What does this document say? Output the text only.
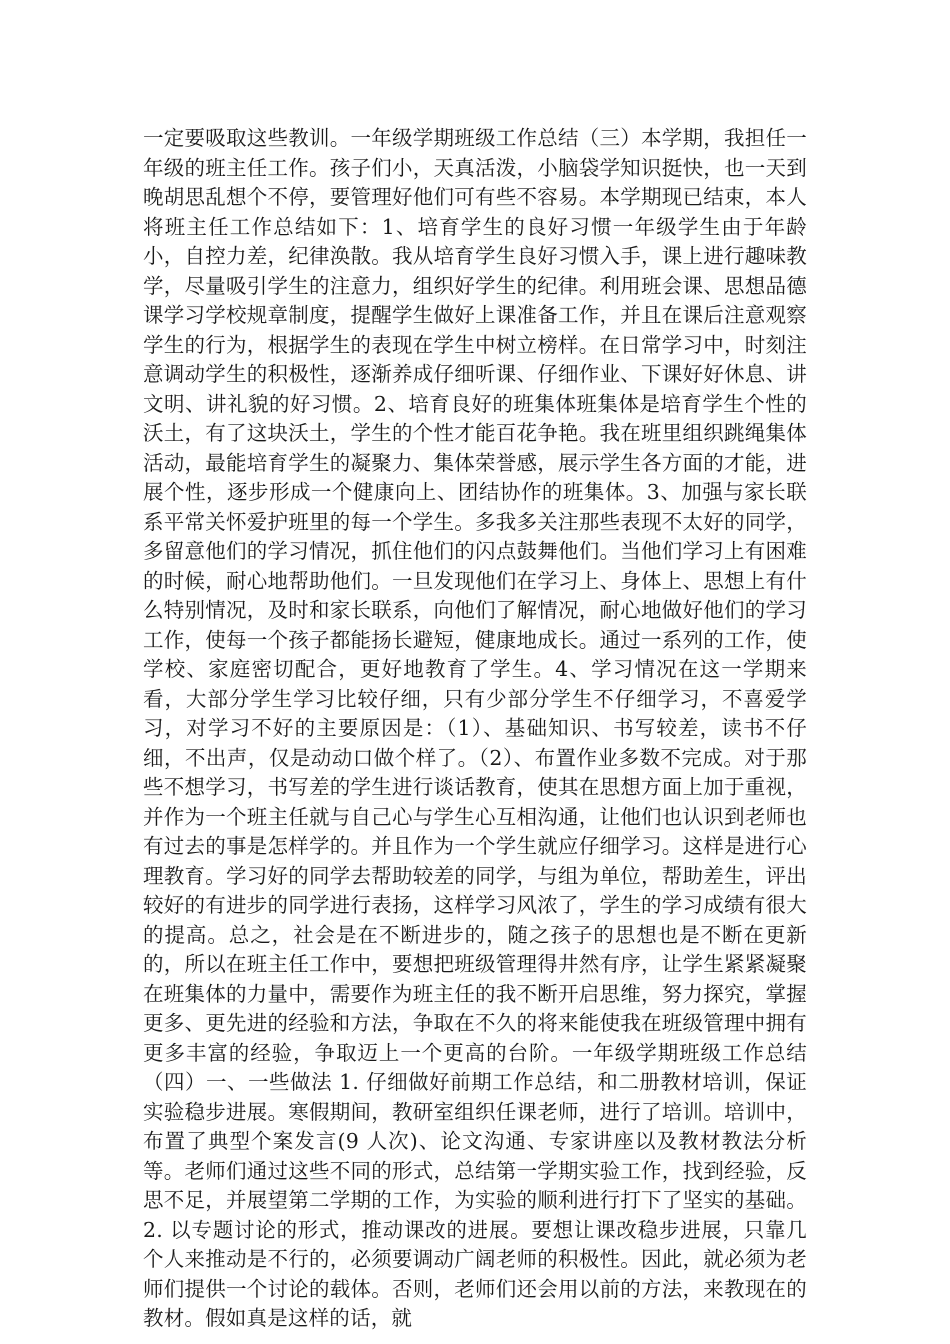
一定要吸取这些教训。一年级学期班级工作总结（三）本学期，我担任一年级的班主任工作。孩子们小，天真活泼，小脑袋学知识挺快，也一天到晚胡思乱想个不停，要管理好他们可有些不容易。本学期现已结束，本人将班主任工作总结如下：1、培育学生的良好习惯一年级学生由于年龄小，自控力差，纪律涣散。我从培育学生良好习惯入手，课上进行趣味教学，尽量吸引学生的注意力，组织好学生的纪律。利用班会课、思想品德课学习学校规章制度，提醒学生做好上课准备工作，并且在课后注意观察学生的行为，根据学生的表现在学生中树立榜样。在日常学习中，时刻注意调动学生的积极性，逐渐养成仔细听课、仔细作业、下课好好休息、讲文明、讲礼貌的好习惯。2、培育良好的班集体班集体是培育学生个性的沃土，有了这块沃土，学生的个性才能百花争艳。我在班里组织跳绳集体活动，最能培育学生的凝聚力、集体荣誉感，展示学生各方面的才能，进展个性，逐步形成一个健康向上、团结协作的班集体。3、加强与家长联系平常关怀爱护班里的每一个学生。多我多关注那些表现不太好的同学，多留意他们的学习情况，抓住他们的闪点鼓舞他们。当他们学习上有困难的时候，耐心地帮助他们。一旦发现他们在学习上、身体上、思想上有什么特别情况，及时和家长联系，向他们了解情况，耐心地做好他们的学习工作，使每一个孩子都能扬长避短，健康地成长。通过一系列的工作，使学校、家庭密切配合，更好地教育了学生。4、学习情况在这一学期来看，大部分学生学习比较仔细，只有少部分学生不仔细学习，不喜爱学习，对学习不好的主要原因是：（1）、基础知识、书写较差，读书不仔细，不出声，仅是动动口做个样了。（2）、布置作业多数不完成。对于那些不想学习，书写差的学生进行谈话教育，使其在思想方面上加于重视，并作为一个班主任就与自己心与学生心互相沟通，让他们也认识到老师也有过去的事是怎样学的。并且作为一个学生就应仔细学习。这样是进行心理教育。学习好的同学去帮助较差的同学，与组为单位，帮助差生，评出较好的有进步的同学进行表扬，这样学习风浓了，学生的学习成绩有很大的提高。总之，社会是在不断进步的，随之孩子的思想也是不断在更新的，所以在班主任工作中，要想把班级管理得井然有序，让学生紧紧凝聚在班集体的力量中，需要作为班主任的我不断开启思维，努力探究，掌握更多、更先进的经验和方法，争取在不久的将来能使我在班级管理中拥有更多丰富的经验，争取迈上一个更高的台阶。一年级学期班级工作总结（四）一、一些做法 1. 仔细做好前期工作总结，和二册教材培训，保证实验稳步进展。寒假期间，教研室组织任课老师，进行了培训。培训中，布置了典型个案发言(9 人次)、论文沟通、专家讲座以及教材教法分析等。老师们通过这些不同的形式，总结第一学期实验工作，找到经验，反思不足，并展望第二学期的工作，为实验的顺利进行打下了坚实的基础。2. 以专题讨论的形式，推动课改的进展。要想让课改稳步进展，只靠几个人来推动是不行的，必须要调动广阔老师的积极性。因此，就必须为老师们提供一个讨论的载体。否则，老师们还会用以前的方法，来教现在的教材。假如真是这样的话，就
